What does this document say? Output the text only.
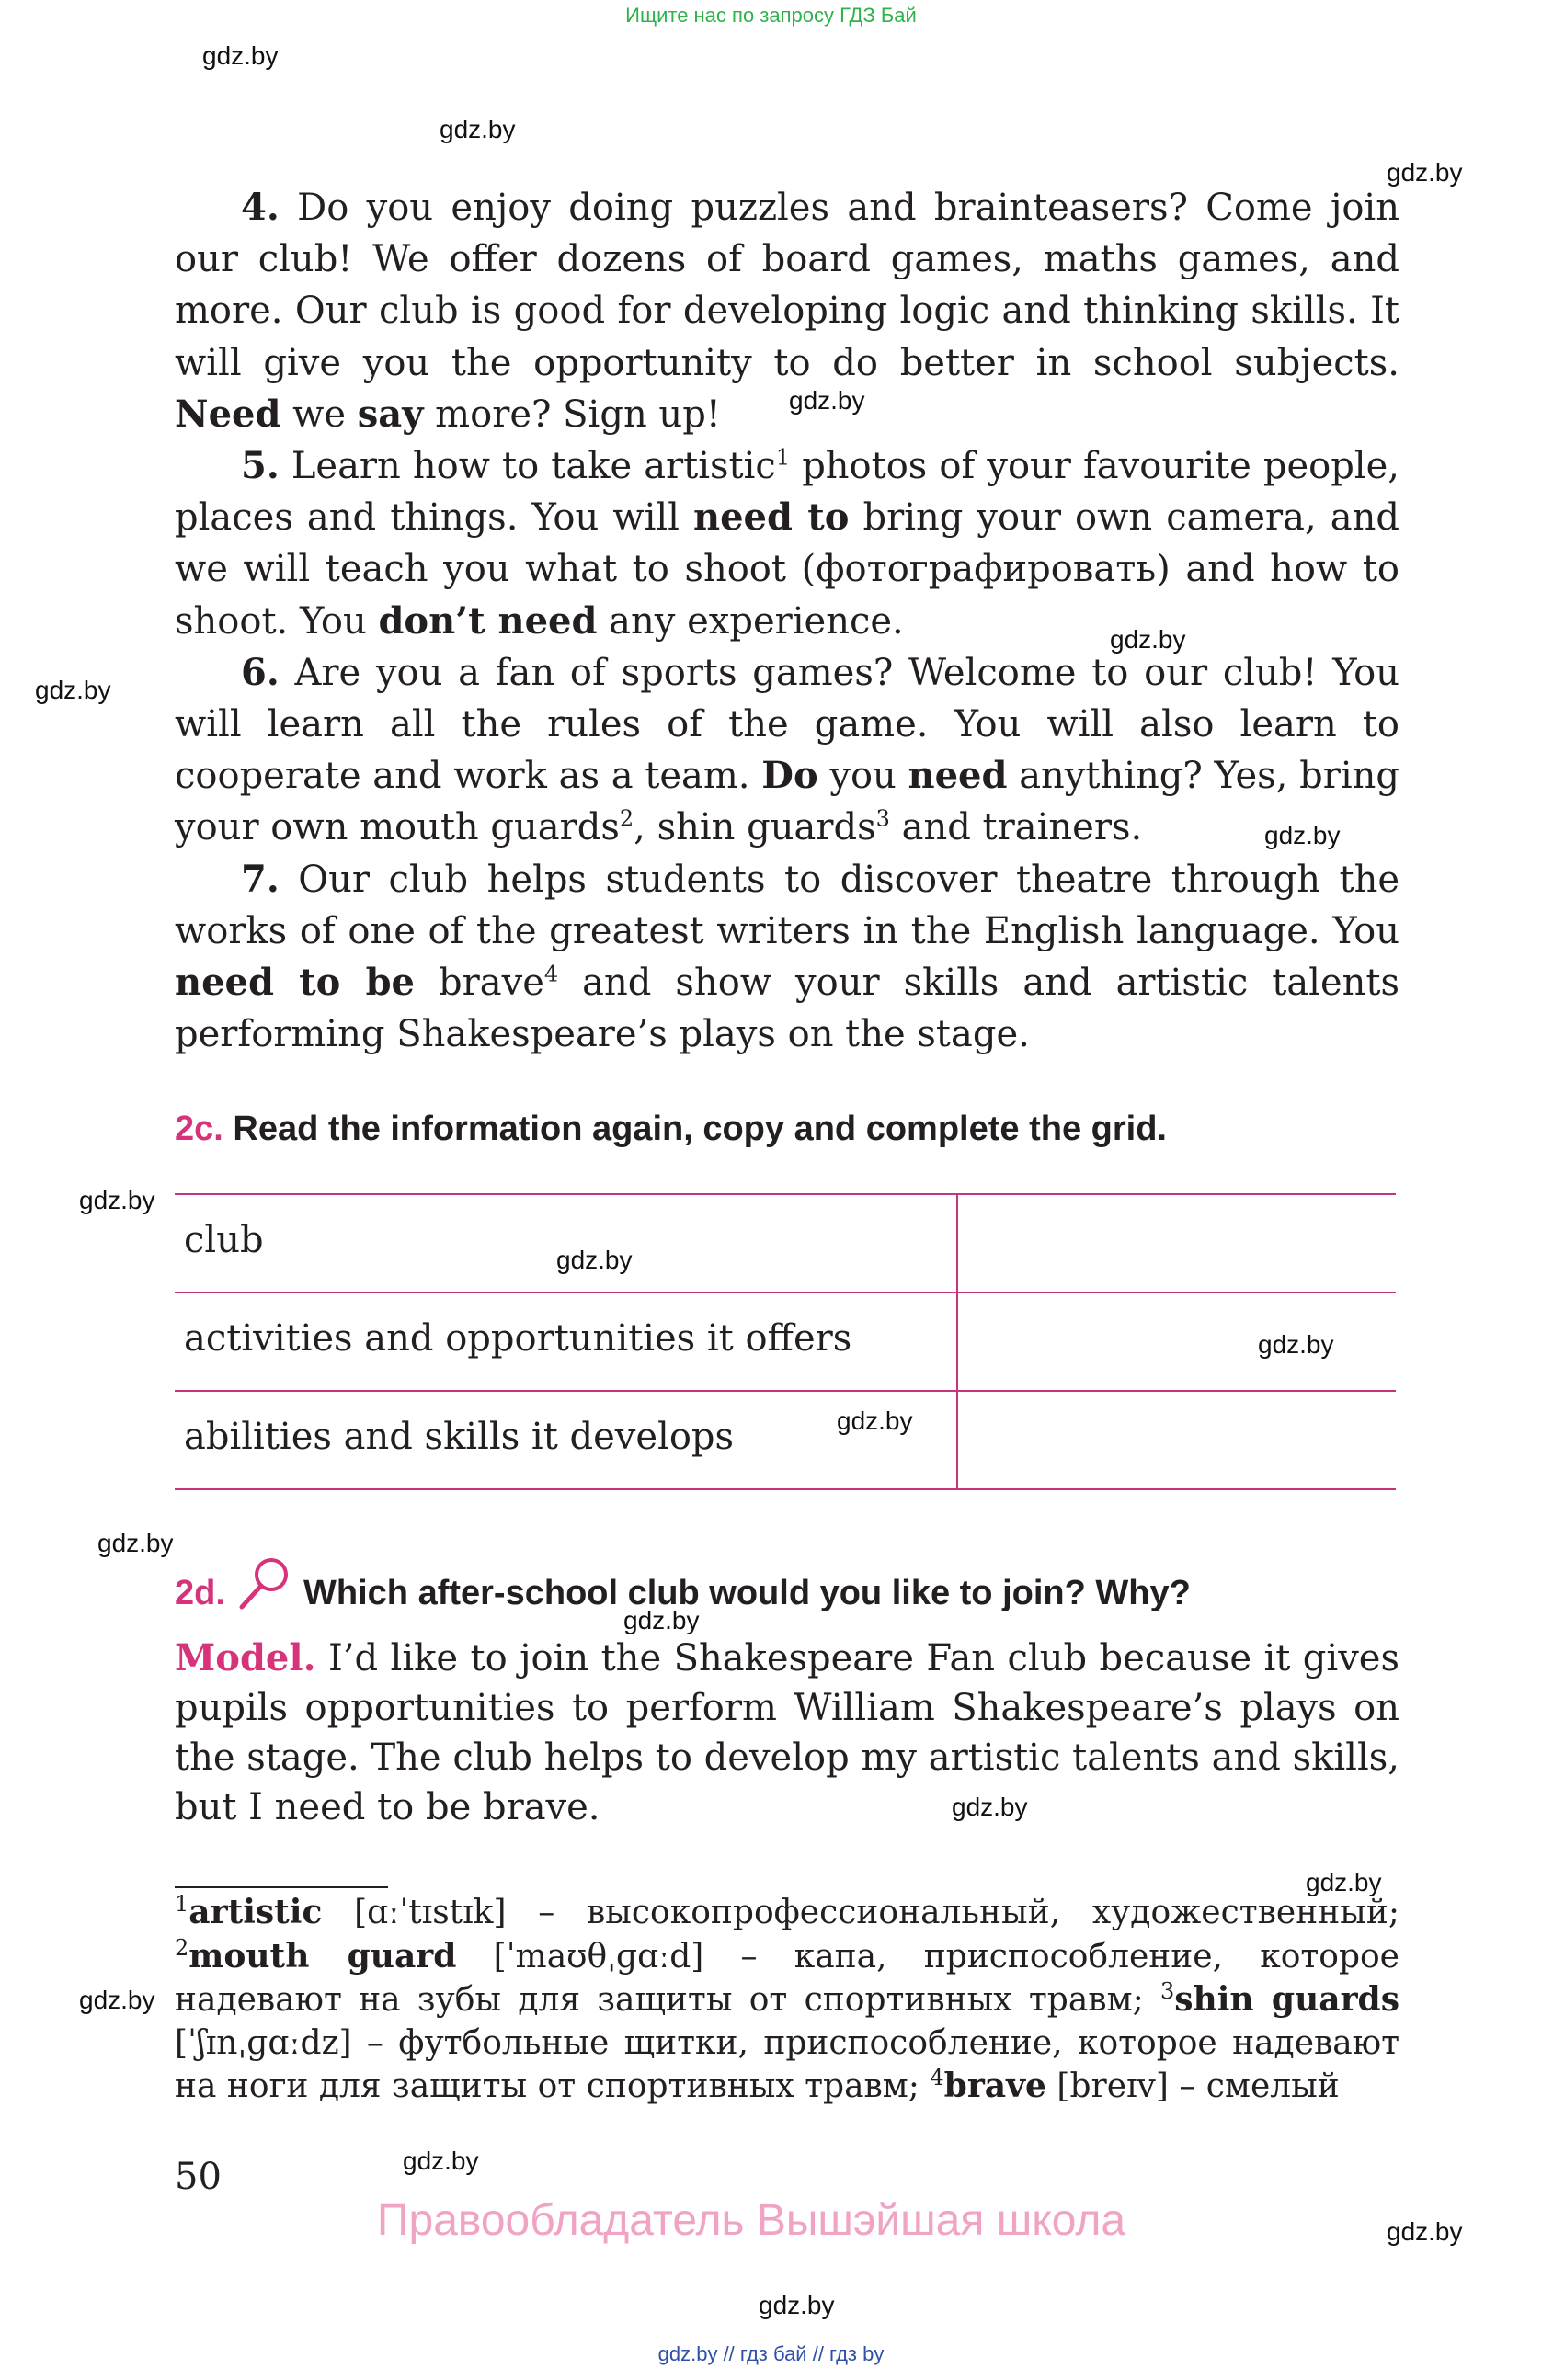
Ищите нас по запросу ГДЗ Бай
gdz.by
gdz.by
gdz.by
gdz.by
gdz.by
gdz.by
gdz.by
gdz.by
gdz.by
gdz.by
gdz.by
gdz.by
gdz.by
gdz.by
gdz.by
gdz.by
gdz.by
gdz.by
gdz.by

4. Do you enjoy doing puzzles and brainteasers? Come join our club! We offer dozens of board games, maths games, and more. Our club is good for developing logic and thinking skills. It will give you the opportunity to do better in school subjects. Need we say more? Sign up!

5. Learn how to take artistic$^1$ photos of your favourite people, places and things. You will need to bring your own camera, and we will teach you what to shoot (фотографировать) and how to shoot. You don’t need any experience.

6. Are you a fan of sports games? Welcome to our club! You will learn all the rules of the game. You will also learn to cooperate and work as a team. Do you need anything? Yes, bring your own mouth guards$^2$, shin guards$^3$ and trainers.

7. Our club helps students to discover theatre through the works of one of the greatest writers in the English language. You need to be brave$^4$ and show your skills and artistic talents performing Shakespeare’s plays on the stage.

2c. Read the information again, copy and complete the grid.
club
activities and opportunities it offers
abilities and skills it develops
2d. Which after-school club would you like to join? Why?
Model. I’d like to join the Shakespeare Fan club because it gives pupils opportunities to perform William Shakespeare’s plays on the stage. The club helps to develop my artistic talents and skills, but I need to be brave.
$^1$artistic [ɑːˈtɪstɪk] – высокопрофессиональный, художественный; $^2$mouth guard [ˈmaʊθˌɡɑːd] – капа, приспособление, которое надевают на зубы для защиты от спортивных травм; $^3$shin guards [ˈʃɪnˌɡɑːdz] – футбольные щитки, приспособление, которое надевают на ноги для защиты от спортивных травм; $^4$brave [breɪv] – смелый
50
Правообладатель Вышэйшая школа
gdz.by // гдз бай // гдз by
